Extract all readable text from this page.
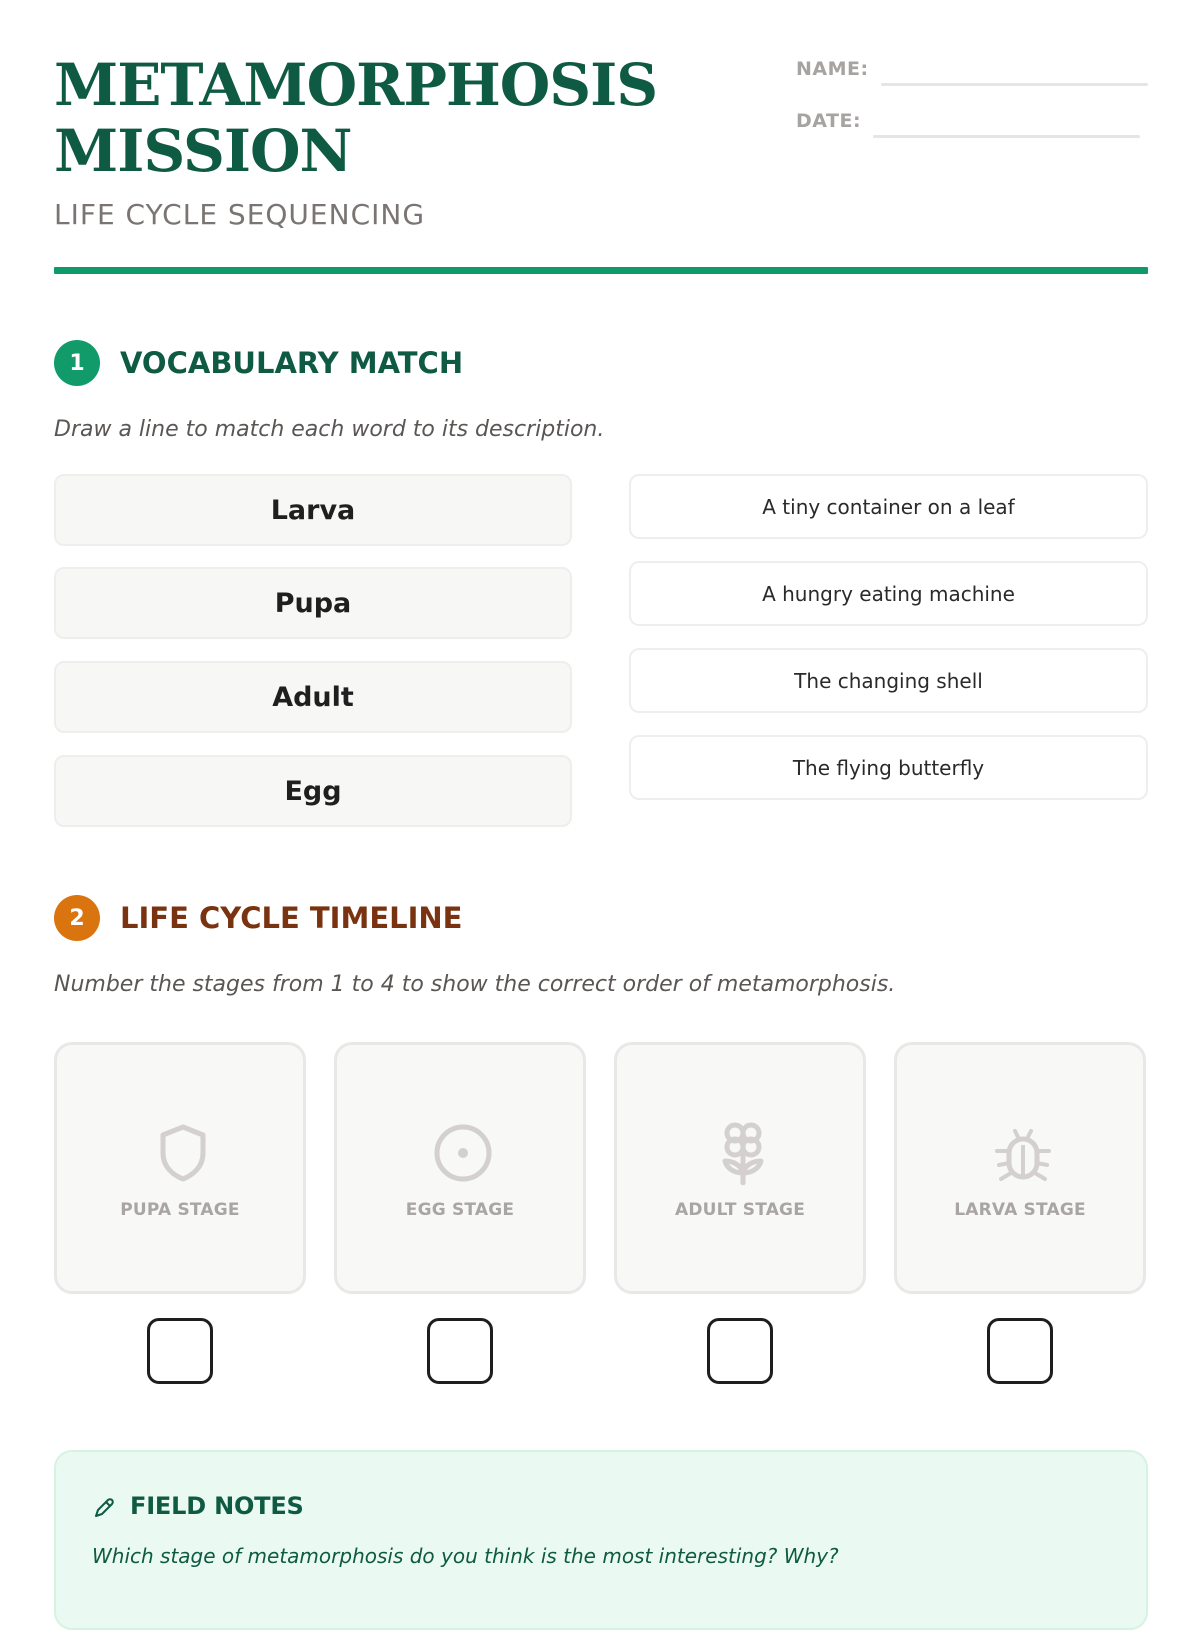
METAMORPHOSIS
MISSION
LIFE CYCLE SEQUENCING
NAME:
DATE:
1	VOCABULARY MATCH
Draw a line to match each word to its description.
Larva
Pupa
Adult
Egg
A tiny container on a leaf
A hungry eating machine
The changing shell
The flying butterfly
2	LIFE CYCLE TIMELINE
Number the stages from 1 to 4 to show the correct order of metamorphosis.
PUPA STAGE	EGG STAGE	ADULT STAGE	LARVA STAGE
FIELD NOTES
Which stage of metamorphosis do you think is the most interesting? Why?
